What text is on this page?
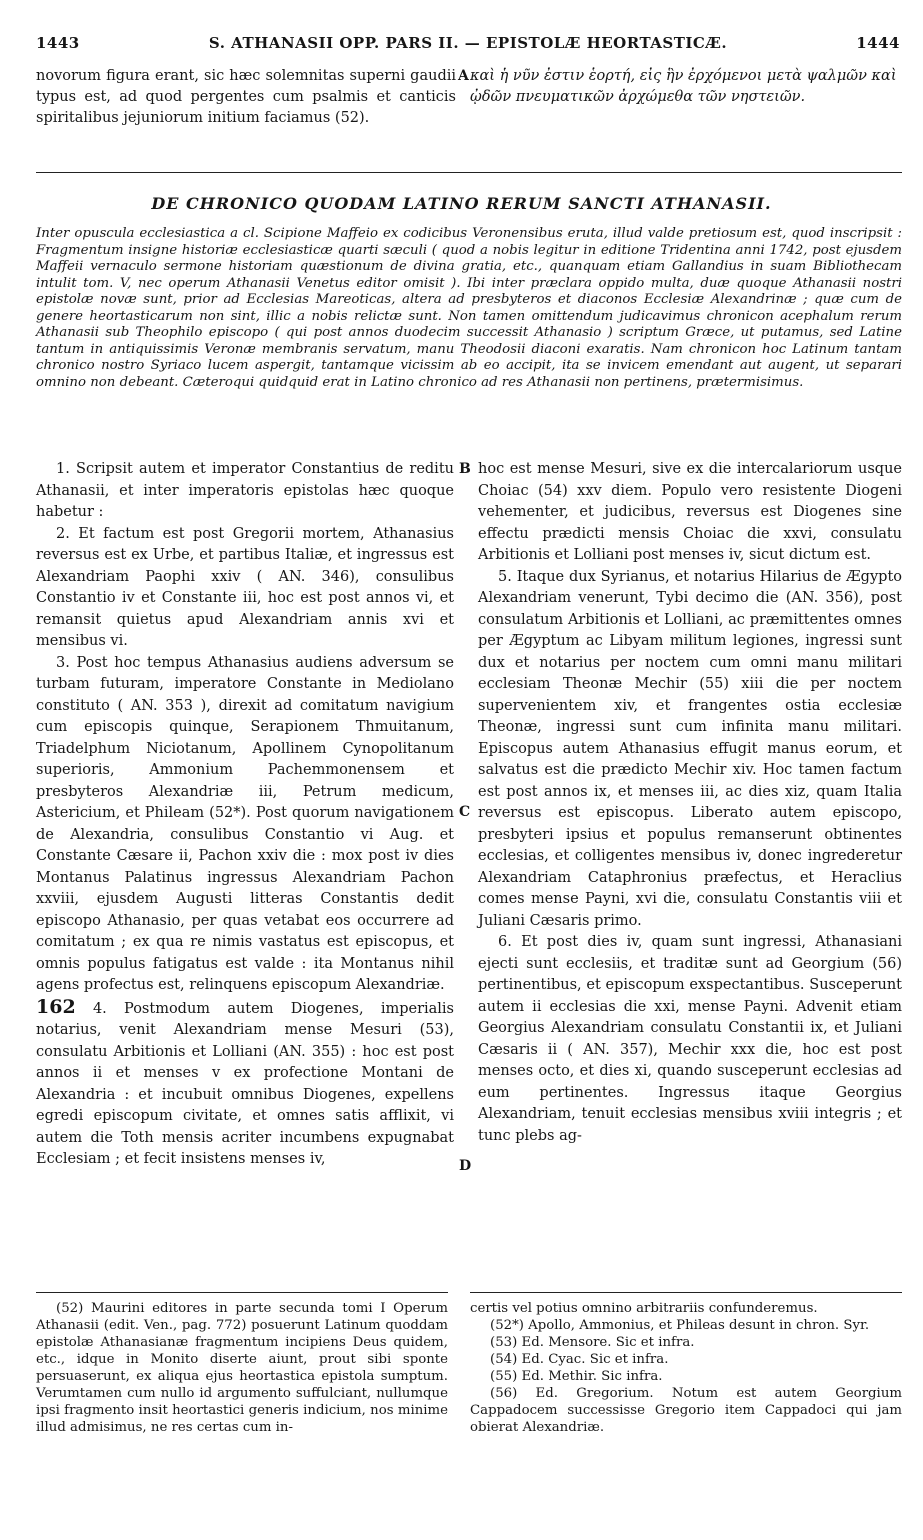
1443	S. ATHANASII OPP. PARS II. — EPISTOLÆ HEORTASTICÆ.	1444
novorum figura erant, sic hæc solemnitas superni gaudii typus est, ad quod pergentes cum psalmis et canticis spiritalibus jejuniorum initium faciamus (52).
A καὶ ἡ νῦν ἐστιν ἑορτή, εἰς ἣν ἐρχόμενοι μετὰ ψαλμῶν καὶ ᾠδῶν πνευματικῶν ἀρχώμεθα τῶν νηστειῶν.
DE CHRONICO QUODAM LATINO RERUM SANCTI ATHANASII.
Inter opuscula ecclesiastica a cl. Scipione Maffeio ex codicibus Veronensibus eruta, illud valde pretiosum est, quod inscripsit : Fragmentum insigne historiæ ecclesiasticæ quarti sæculi ( quod a nobis legitur in editione Tridentina anni 1742, post ejusdem Maffeii vernaculo sermone historiam quæstionum de divina gratia, etc., quanquam etiam Gallandius in suam Bibliothecam intulit tom. V, nec operum Athanasii Venetus editor omisit ). Ibi inter præclara oppido multa, duæ quoque Athanasii nostri epistolæ novæ sunt, prior ad Ecclesias Mareoticas, altera ad presbyteros et diaconos Ecclesiæ Alexandrinæ ; quæ cum de genere heortasticarum non sint, illic a nobis relictæ sunt. Non tamen omittendum judicavimus chronicon acephalum rerum Athanasii sub Theophilo episcopo ( qui post annos duodecim successit Athanasio ) scriptum Græce, ut putamus, sed Latine tantum in antiquissimis Veronæ membranis servatum, manu Theodosii diaconi exaratis. Nam chronicon hoc Latinum tantam chronico nostro Syriaco lucem aspergit, tantamque vicissim ab eo accipit, ita se invicem emendant aut augent, ut separari omnino non debeant. Cæteroqui quidquid erat in Latino chronico ad res Athanasii non pertinens, prætermisimus.

1. Scripsit autem et imperator Constantius de reditu Athanasii, et inter imperatoris epistolas hæc quoque habetur :

2. Et factum est post Gregorii mortem, Athanasius reversus est ex Urbe, et partibus Italiæ, et ingressus est Alexandriam Paophi xxiv ( AN. 346), consulibus Constantio iv et Constante iii, hoc est post annos vi, et remansit quietus apud Alexandriam annis xvi et mensibus vi.

3. Post hoc tempus Athanasius audiens adversum se turbam futuram, imperatore Constante in Mediolano constituto ( AN. 353 ), direxit ad comitatum navigium cum episcopis quinque, Serapionem Thmuitanum, Triadelphum Niciotanum, Apollinem Cynopolitanum superioris, Ammonium Pachemmonensem et presbyteros Alexandriæ iii, Petrum medicum, Astericium, et Phileam (52*). Post quorum navigationem de Alexandria, consulibus Constantio vi Aug. et Constante Cæsare ii, Pachon xxiv die : mox post iv dies Montanus Palatinus ingressus Alexandriam Pachon xxviii, ejusdem Augusti litteras Constantis dedit episcopo Athanasio, per quas vetabat eos occurrere ad comitatum ; ex qua re nimis vastatus est episcopus, et omnis populus fatigatus est valde : ita Montanus nihil agens profectus est, relinquens episcopum Alexandriæ.

162 4. Postmodum autem Diogenes, imperialis notarius, venit Alexandriam mense Mesuri (53), consulatu Arbitionis et Lolliani (AN. 355) : hoc est post annos ii et menses v ex profectione Montani de Alexandria : et incubuit omnibus Diogenes, expellens egredi episcopum civitate, et omnes satis afflixit, vi autem die Toth mensis acriter incumbens expugnabat Ecclesiam ; et fecit insistens menses iv,

B
C
D

hoc est mense Mesuri, sive ex die intercalariorum usque Choiac (54) xxv diem. Populo vero resistente Diogeni vehementer, et judicibus, reversus est Diogenes sine effectu prædicti mensis Choiac die xxvi, consulatu Arbitionis et Lolliani post menses iv, sicut dictum est.

5. Itaque dux Syrianus, et notarius Hilarius de Ægypto Alexandriam venerunt, Tybi decimo die (AN. 356), post consulatum Arbitionis et Lolliani, ac præmittentes omnes per Ægyptum ac Libyam militum legiones, ingressi sunt dux et notarius per noctem cum omni manu militari ecclesiam Theonæ Mechir (55) xiii die per noctem supervenientem xiv, et frangentes ostia ecclesiæ Theonæ, ingressi sunt cum infinita manu militari. Episcopus autem Athanasius effugit manus eorum, et salvatus est die prædicto Mechir xiv. Hoc tamen factum est post annos ix, et menses iii, ac dies xiz, quam Italia reversus est episcopus. Liberato autem episcopo, presbyteri ipsius et populus remanserunt obtinentes ecclesias, et colligentes mensibus iv, donec ingrederetur Alexandriam Cataphronius præfectus, et Heraclius comes mense Payni, xvi die, consulatu Constantis viii et Juliani Cæsaris primo.

6. Et post dies iv, quam sunt ingressi, Athanasiani ejecti sunt ecclesiis, et traditæ sunt ad Georgium (56) pertinentibus, et episcopum exspectantibus. Susceperunt autem ii ecclesias die xxi, mense Payni. Advenit etiam Georgius Alexandriam consulatu Constantii ix, et Juliani Cæsaris ii ( AN. 357), Mechir xxx die, hoc est post menses octo, et dies xi, quando susceperunt ecclesias ad eum pertinentes. Ingressus itaque Georgius Alexandriam, tenuit ecclesias mensibus xviii integris ; et tunc plebs ag-

(52) Maurini editores in parte secunda tomi I Operum Athanasii (edit. Ven., pag. 772) posuerunt Latinum quoddam epistolæ Athanasianæ fragmentum incipiens Deus quidem, etc., idque in Monito diserte aiunt, prout sibi sponte persuaserunt, ex aliqua ejus heortastica epistola sumptum. Verumtamen cum nullo id argumento suffulciant, nullumque ipsi fragmento insit heortastici generis indicium, nos minime illud admisimus, ne res certas cum in-

certis vel potius omnino arbitrariis confunderemus.

(52*) Apollo, Ammonius, et Phileas desunt in chron. Syr.

(53) Ed. Mensore. Sic et infra.

(54) Ed. Cyac. Sic et infra.

(55) Ed. Methir. Sic infra.

(56) Ed. Gregorium. Notum est autem Georgium Cappadocem successisse Gregorio item Cappadoci qui jam obierat Alexandriæ.
